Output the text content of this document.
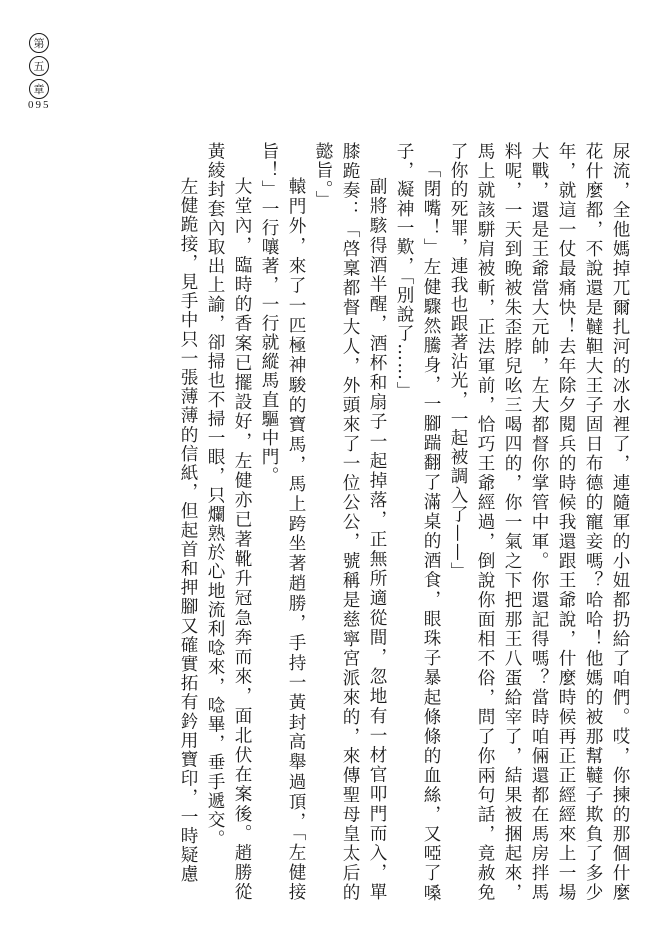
第
五
章
095

尿流，全他媽掉兀爾扎河的冰水裡了，連隨軍的小妞都扔給了咱們。哎，你揀的那個什麼花什麼都，不說還是韃靼大王子固日布德的寵妾嗎？哈哈！他媽的被那幫韃子欺負了多少年，就這一仗最痛快！去年除夕閱兵的時候我還跟王爺說，什麼時候再正正經經來上一場大戰，還是王爺當大元帥，左大都督你掌管中軍。你還記得嗎？當時咱倆還都在馬房拌馬料呢，一天到晚被朱歪脖兒吆三喝四的，你一氣之下把那王八蛋給宰了，結果被捆起來，馬上就該駢肩被斬，正法軍前，恰巧王爺經過，倒說你面相不俗，問了你兩句話，竟赦免了你的死罪，連我也跟著沾光，一起被調入了——」

「閉嘴！」左健驟然騰身，一腳踹翻了滿桌的酒食，眼珠子暴起條條的血絲，又啞了嗓子，凝神一歎，「別說了……」

副將駭得酒半醒，酒杯和扇子一起掉落，正無所適從間，忽地有一材官叩門而入，單膝跪奏：「啓稟都督大人，外頭來了一位公公，號稱是慈寧宮派來的，來傳聖母皇太后的懿旨。」

轅門外，來了一匹極神駿的寶馬，馬上跨坐著趙勝，手持一黃封高舉過頂，「左健接旨！」一行嚷著，一行就縱馬直驅中門。

大堂內，臨時的香案已擺設好，左健亦已著靴升冠急奔而來，面北伏在案後。趙勝從黃綾封套內取出上諭，卻掃也不掃一眼，只爛熟於心地流利唸來，唸畢，垂手遞交。

左健跪接，見手中只一張薄薄的信紙，但起首和押腳又確實拓有鈐用寶印，一時疑慮
